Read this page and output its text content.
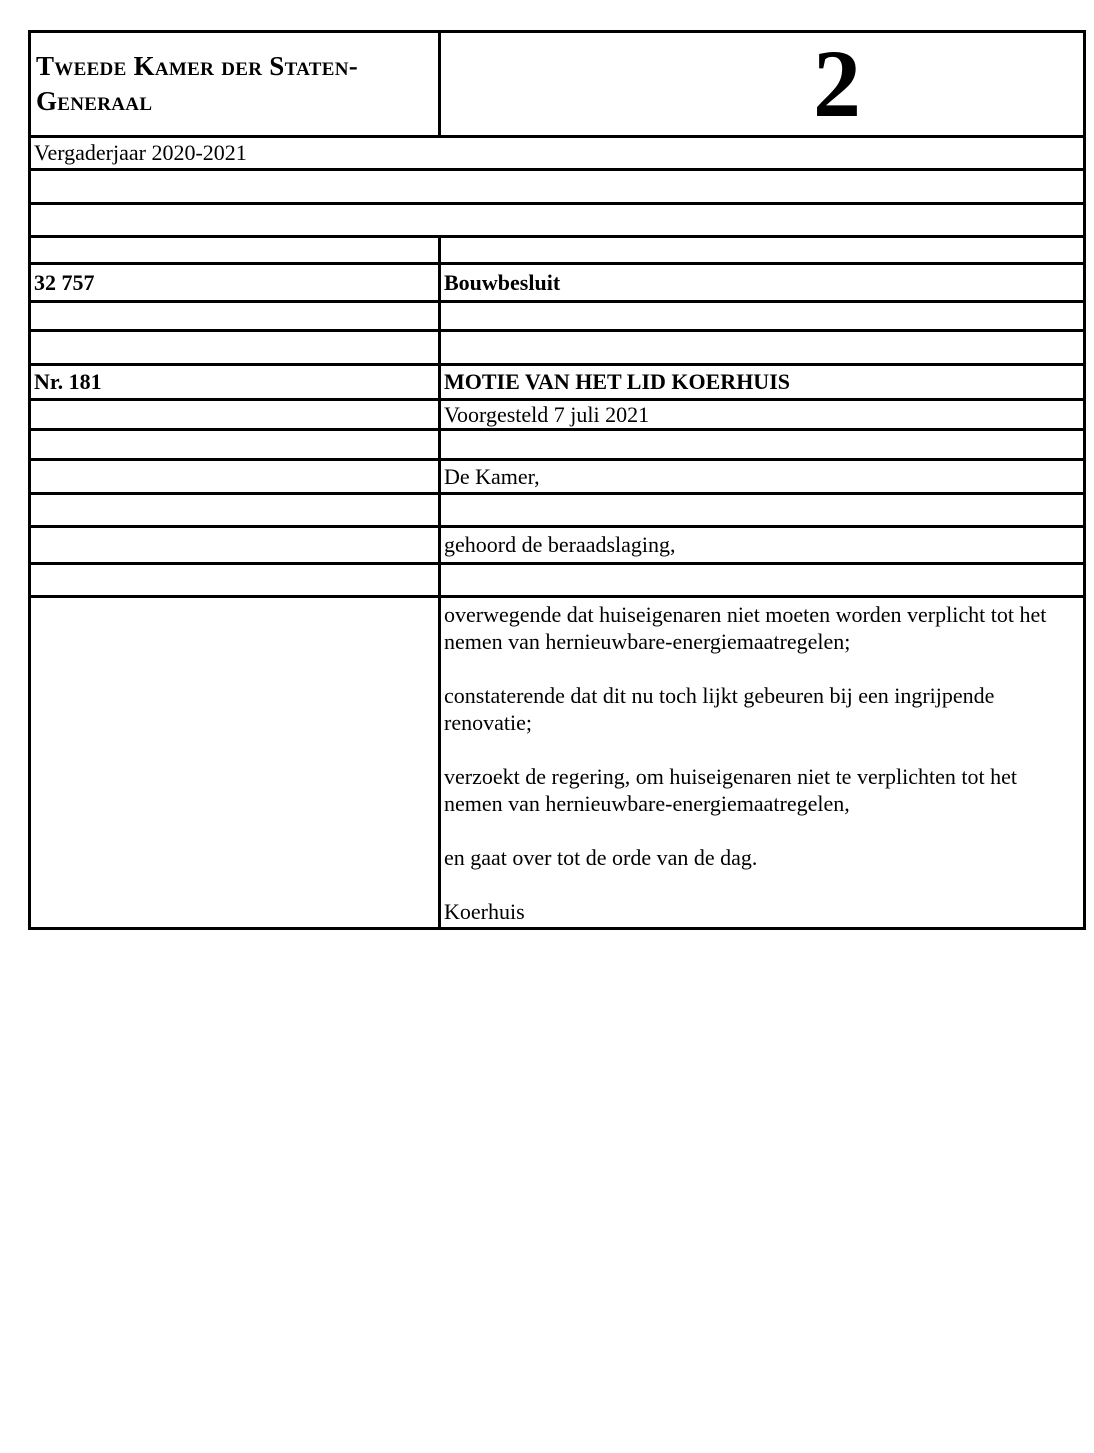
Tweede Kamer der Staten-Generaal	2

Vergaderjaar 2020-2021	

32 757	Bouwbesluit

Nr. 181	MOTIE VAN HET LID KOERHUIS
	Voorgesteld 7 juli 2021

	De Kamer,

	gehoord de beraadslaging,

	overwegende dat huiseigenaren niet moeten worden verplicht tot het nemen van hernieuwbare-energiemaatregelen;

constaterende dat dit nu toch lijkt gebeuren bij een ingrijpende renovatie;

verzoekt de regering, om huiseigenaren niet te verplichten tot het nemen van hernieuwbare-energiemaatregelen,

en gaat over tot de orde van de dag.

Koerhuis
